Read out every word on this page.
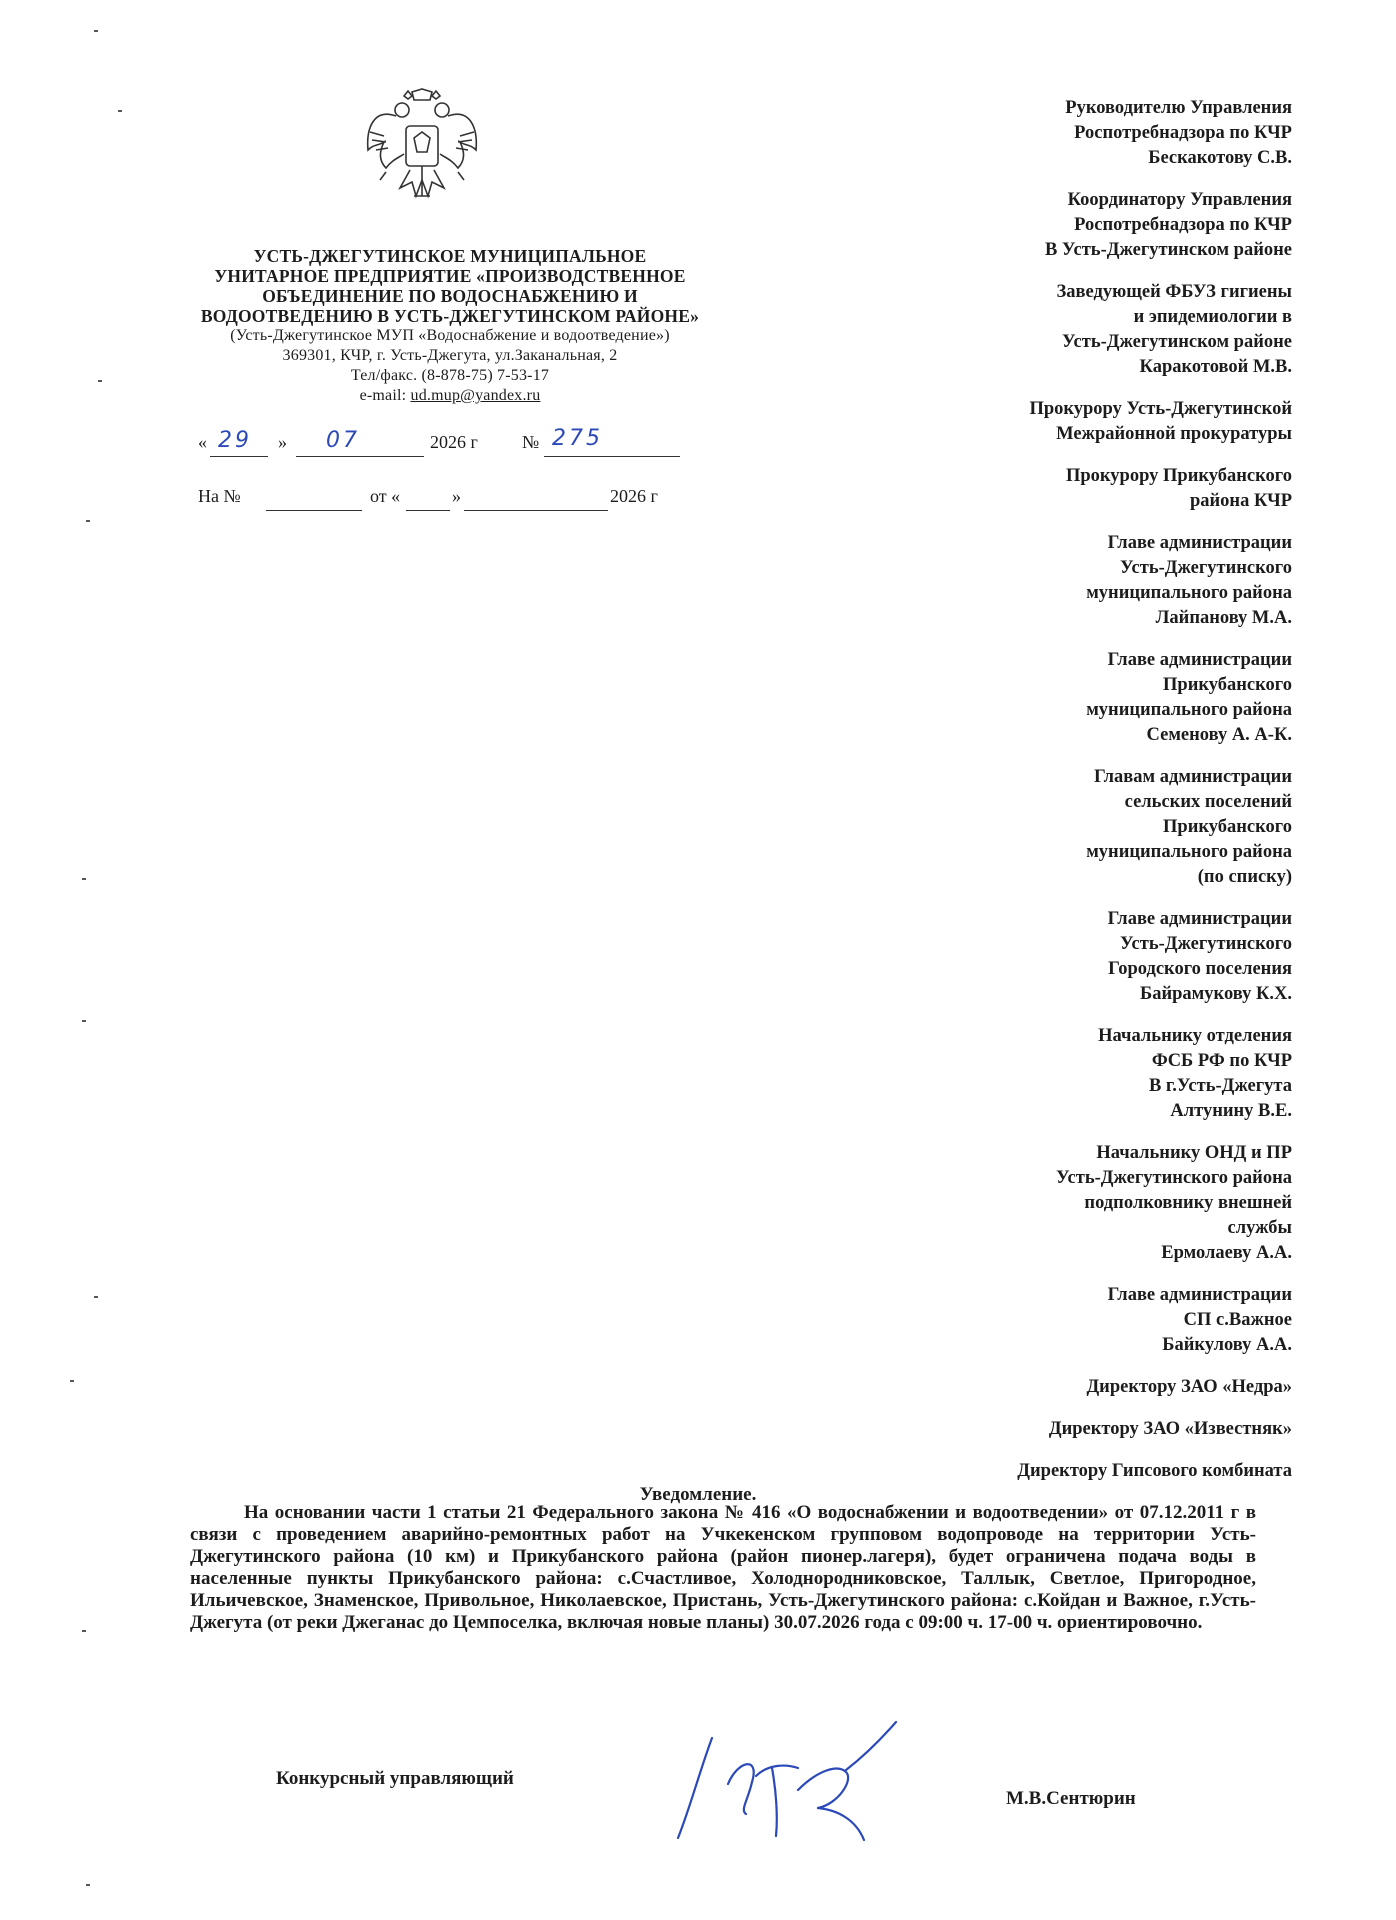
УСТЬ-ДЖЕГУТИНСКОЕ МУНИЦИПАЛЬНОЕ
УНИТАРНОЕ ПРЕДПРИЯТИЕ «ПРОИЗВОДСТВЕННОЕ
ОБЪЕДИНЕНИЕ ПО ВОДОСНАБЖЕНИЮ И
ВОДООТВЕДЕНИЮ В УСТЬ-ДЖЕГУТИНСКОМ РАЙОНЕ»
(Усть-Джегутинское МУП «Водоснабжение и водоотведение»)
369301, КЧР, г. Усть-Джегута, ул.Заканальная, 2
Тел/факс. (8-878-75) 7-53-17
e-mail: ud.mup@yandex.ru
« 29 » 07	2026 г № 275
На №	от «	»	2026 г
Руководителю Управления
Роспотребнадзора по КЧР
Бескакотову С.В.
Координатору Управления
Роспотребнадзора по КЧР
В Усть-Джегутинском районе
Заведующей ФБУЗ гигиены
и эпидемиологии в
Усть-Джегутинском районе
Каракотовой М.В.
Прокурору Усть-Джегутинской
Межрайонной прокуратуры
Прокурору Прикубанского
района КЧР
Главе администрации
Усть-Джегутинского
муниципального района
Лайпанову М.А.
Главе администрации
Прикубанского
муниципального района
Семенову А. А-К.
Главам администрации
сельских поселений
Прикубанского
муниципального района
(по списку)
Главе администрации
Усть-Джегутинского
Городского поселения
Байрамукову К.Х.
Начальнику отделения
ФСБ РФ по КЧР
В г.Усть-Джегута
Алтунину В.Е.
Начальнику ОНД и ПР
Усть-Джегутинского района
подполковнику внешней
службы
Ермолаеву А.А.
Главе администрации
СП с.Важное
Байкулову А.А.
Директору ЗАО «Недра»
Директору ЗАО «Известняк»
Директору Гипсового комбината
Уведомление.
На основании части 1 статьи 21 Федерального закона № 416 «О водоснабжении и водоотведении» от 07.12.2011 г в связи с проведением аварийно-ремонтных работ на Учкекенском групповом водопроводе на территории Усть-Джегутинского района (10 км) и Прикубанского района (район пионер.лагеря), будет ограничена подача воды в населенные пункты Прикубанского района: с.Счастливое, Холоднородниковское, Таллык, Светлое, Пригородное, Ильичевское, Знаменское, Привольное, Николаевское, Пристань, Усть-Джегутинского района: с.Койдан и Важное, г.Усть-Джегута (от реки Джеганас до Цемпоселка, включая новые планы) 30.07.2026 года с 09:00 ч. 17-00 ч. ориентировочно.
Конкурсный управляющий
М.В.Сентюрин
